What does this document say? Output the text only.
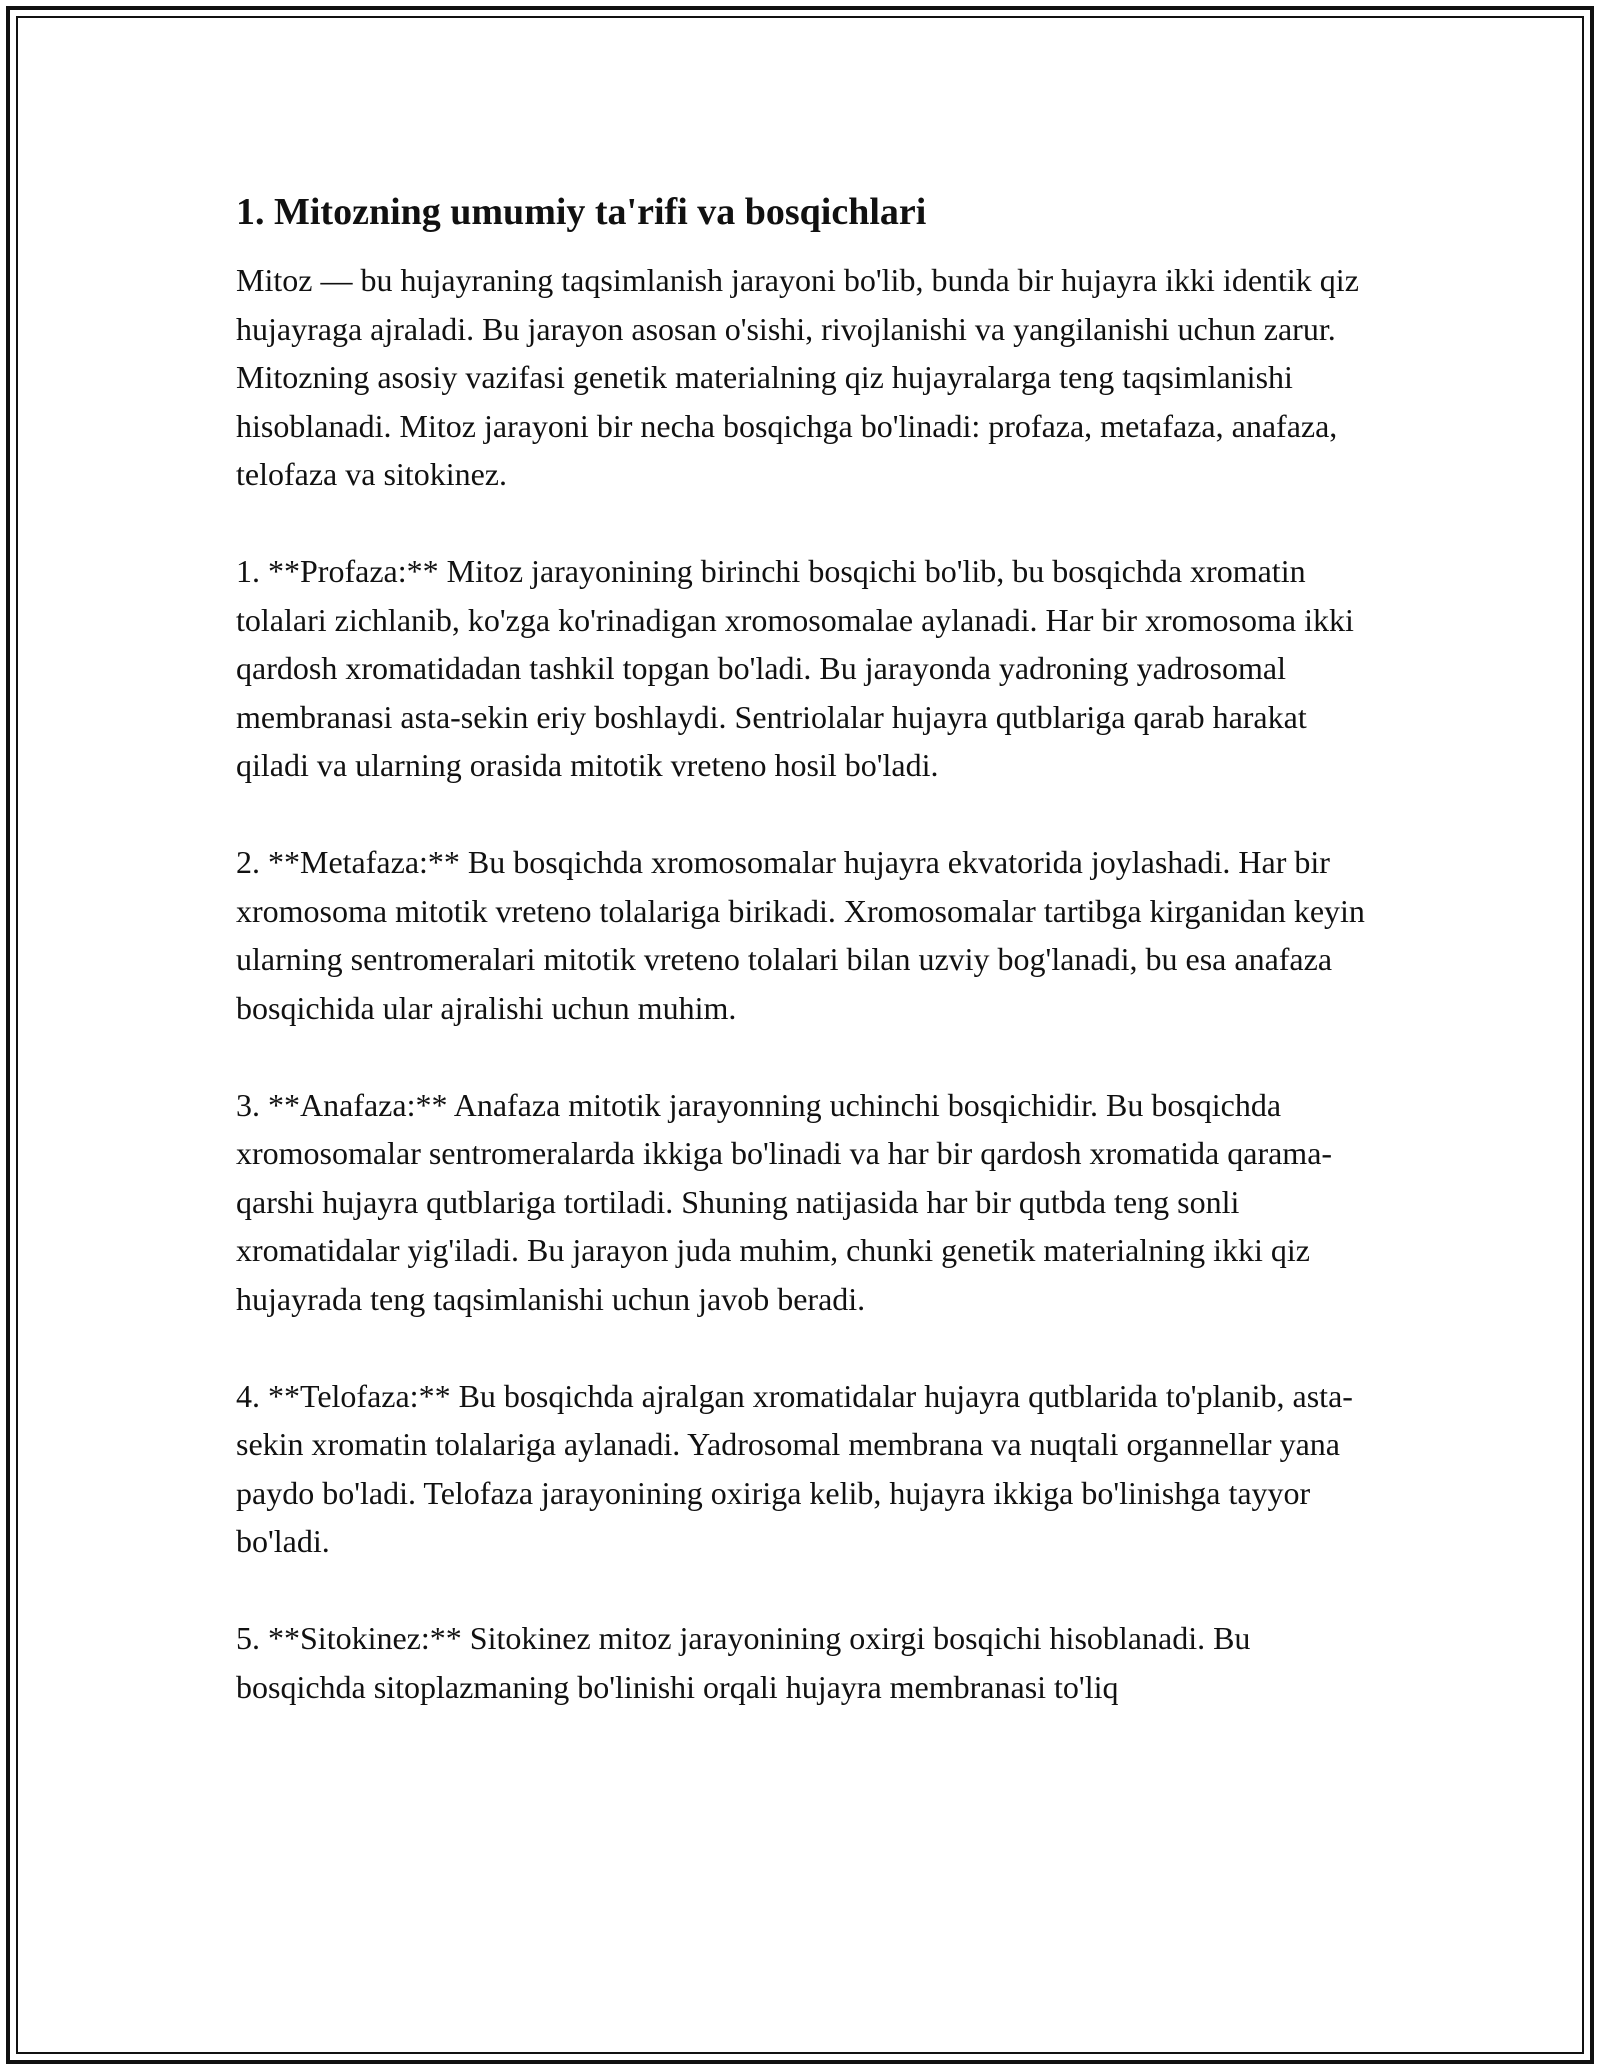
1. Mitozning umumiy ta'rifi va bosqichlari

Mitoz — bu hujayraning taqsimlanish jarayoni bo'lib, bunda bir hujayra ikki identik qiz hujayraga ajraladi. Bu jarayon asosan o'sishi, rivojlanishi va yangilanishi uchun zarur. Mitozning asosiy vazifasi genetik materialning qiz hujayralarga teng taqsimlanishi hisoblanadi. Mitoz jarayoni bir necha bosqichga bo'linadi: profaza, metafaza, anafaza, telofaza va sitokinez.

1. **Profaza:** Mitoz jarayonining birinchi bosqichi bo'lib, bu bosqichda xromatin tolalari zichlanib, ko'zga ko'rinadigan xromosomalae aylanadi. Har bir xromosoma ikki qardosh xromatidadan tashkil topgan bo'ladi. Bu jarayonda yadroning yadrosomal membranasi asta-sekin eriy boshlaydi. Sentriolalar hujayra qutblariga qarab harakat qiladi va ularning orasida mitotik vreteno hosil bo'ladi.

2. **Metafaza:** Bu bosqichda xromosomalar hujayra ekvatorida joylashadi. Har bir xromosoma mitotik vreteno tolalariga birikadi. Xromosomalar tartibga kirganidan keyin ularning sentromeralari mitotik vreteno tolalari bilan uzviy bog'lanadi, bu esa anafaza bosqichida ular ajralishi uchun muhim.

3. **Anafaza:** Anafaza mitotik jarayonning uchinchi bosqichidir. Bu bosqichda xromosomalar sentromeralarda ikkiga bo'linadi va har bir qardosh xromatida qarama-qarshi hujayra qutblariga tortiladi. Shuning natijasida har bir qutbda teng sonli xromatidalar yig'iladi. Bu jarayon juda muhim, chunki genetik materialning ikki qiz hujayrada teng taqsimlanishi uchun javob beradi.

4. **Telofaza:** Bu bosqichda ajralgan xromatidalar hujayra qutblarida to'planib, asta-sekin xromatin tolalariga aylanadi. Yadrosomal membrana va nuqtali organnellar yana paydo bo'ladi. Telofaza jarayonining oxiriga kelib, hujayra ikkiga bo'linishga tayyor bo'ladi.

5. **Sitokinez:** Sitokinez mitoz jarayonining oxirgi bosqichi hisoblanadi. Bu bosqichda sitoplazmaning bo'linishi orqali hujayra membranasi to'liq
